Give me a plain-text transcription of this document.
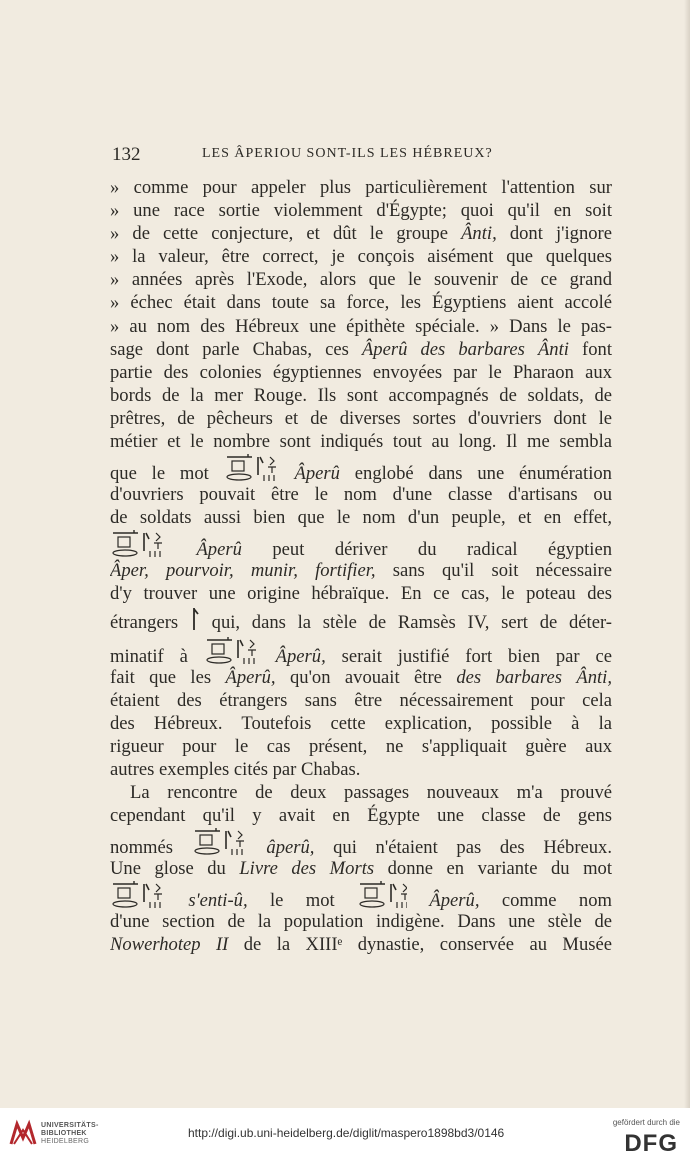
132	LES ÂPERIOU SONT-ILS LES HÉBREUX?
» comme pour appeler plus particulièrement l'attention sur
» une race sortie violemment d'Égypte; quoi qu'il en soit
» de cette conjecture, et dût le groupe Ânti, dont j'ignore
» la valeur, être correct, je conçois aisément que quelques
» années après l'Exode, alors que le souvenir de ce grand
» échec était dans toute sa force, les Égyptiens aient accolé
» au nom des Hébreux une épithète spéciale. » Dans le pas-
sage dont parle Chabas, ces Âperû des barbares Ânti font
partie des colonies égyptiennes envoyées par le Pharaon aux
bords de la mer Rouge. Ils sont accompagnés de soldats, de
prêtres, de pêcheurs et de diverses sortes d'ouvriers dont le
métier et le nombre sont indiqués tout au long. Il me sembla
que le mot	Âperû englobé dans une énumération
d'ouvriers pouvait être le nom d'une classe d'artisans ou
de soldats aussi bien que le nom d'un peuple, et en effet,
Âperû peut dériver du radical égyptien
Âper, pourvoir, munir, fortifier, sans qu'il soit nécessaire
d'y trouver une origine hébraïque. En ce cas, le poteau des
étrangers qui, dans la stèle de Ramsès IV, sert de déter-
minatif à	Âperû, serait justifié fort bien par ce
fait que les Âperû, qu'on avouait être des barbares Ânti,
étaient des étrangers sans être nécessairement pour cela
des Hébreux. Toutefois cette explication, possible à la
rigueur pour le cas présent, ne s'appliquait guère aux
autres exemples cités par Chabas.
La rencontre de deux passages nouveaux m'a prouvé
cependant qu'il y avait en Égypte une classe de gens
nommés	âperû, qui n'étaient pas des Hébreux.
Une glose du Livre des Morts donne en variante du mot
s'enti-û, le mot	Âperû, comme nom
d'une section de la population indigène. Dans une stèle de
Nowerhotep II de la XIIIᵉ dynastie, conservée au Musée
UNIVERSITÄTS-
BIBLIOTHEK
HEIDELBERG
http://digi.ub.uni-heidelberg.de/diglit/maspero1898bd3/0146
gefördert durch die
DFG
